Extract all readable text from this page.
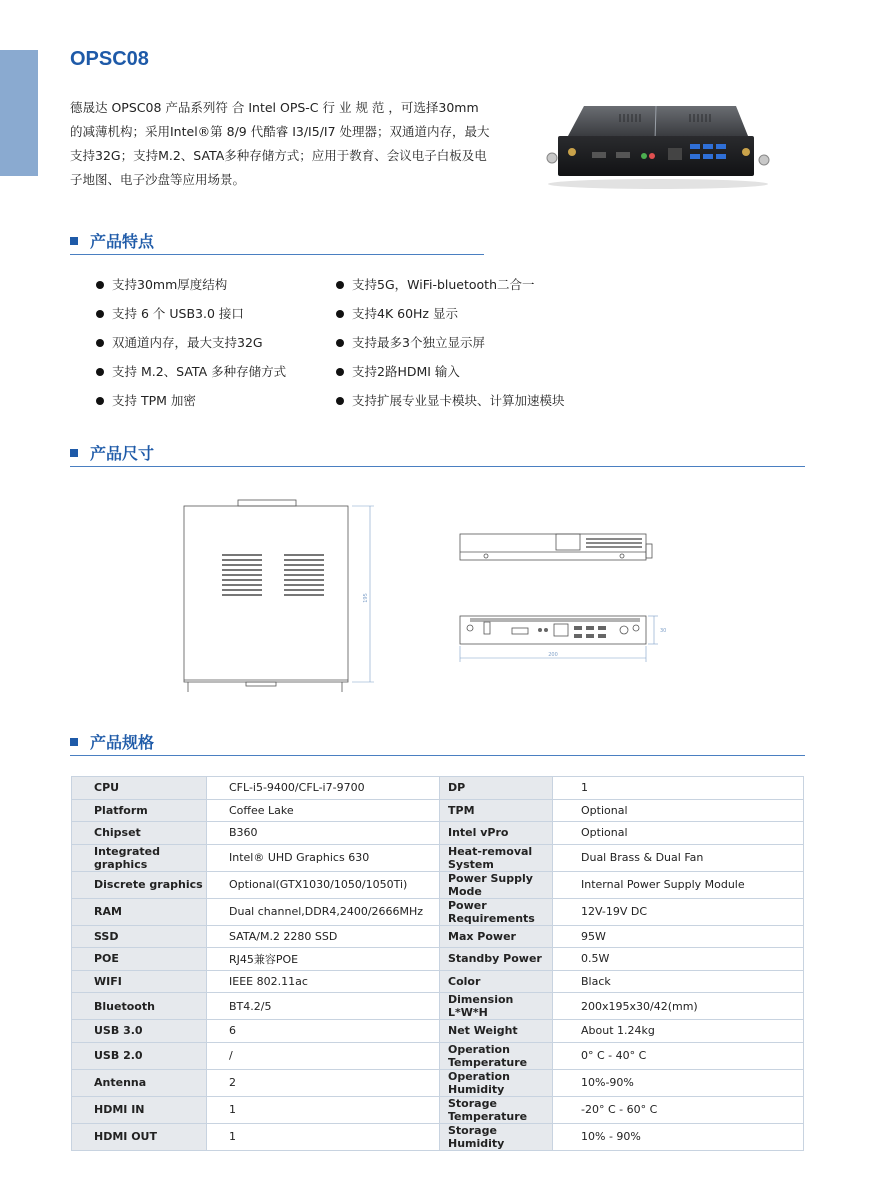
OPSC08
德晟达 OPSC08 产品系列符 合 Intel OPS-C 行 业 规 范 ，可选择30mm的减薄机构；采用Intel®第 8/9 代酷睿 I3/I5/I7 处理器；双通道内存，最大支持32G；支持M.2、SATA多种存储方式；应用于教育、会议电子白板及电子地图、电子沙盘等应用场景。
产品特点
支持30mm厚度结构
支持 6 个 USB3.0 接口
双通道内存，最大支持32G
支持 M.2、SATA 多种存储方式
支持 TPM 加密
支持5G，WiFi-bluetooth二合一
支持4K 60Hz 显示
支持最多3个独立显示屏
支持2路HDMI 输入
支持扩展专业显卡模块、计算加速模块
产品尺寸
195
200
30
产品规格
CPU	CFL-i5-9400/CFL-i7-9700	DP	1
Platform	Coffee Lake	TPM	Optional
Chipset	B360	Intel vPro	Optional
Integrated graphics	Intel® UHD Graphics 630	Heat-removal System	Dual Brass & Dual Fan
Discrete graphics	Optional(GTX1030/1050/1050Ti)	Power Supply Mode	Internal Power Supply Module
RAM	Dual channel,DDR4,2400/2666MHz	Power Requirements	12V-19V DC
SSD	SATA/M.2 2280 SSD	Max Power	95W
POE	RJ45兼容POE	Standby Power	0.5W
WIFI	IEEE 802.11ac	Color	Black
Bluetooth	BT4.2/5	Dimension L*W*H	200x195x30/42(mm)
USB 3.0	6	Net Weight	About 1.24kg
USB 2.0	/	Operation Temperature	0° C - 40° C
Antenna	2	Operation Humidity	10%-90%
HDMI IN	1	Storage Temperature	-20° C - 60° C
HDMI OUT	1	Storage Humidity	10% - 90%
